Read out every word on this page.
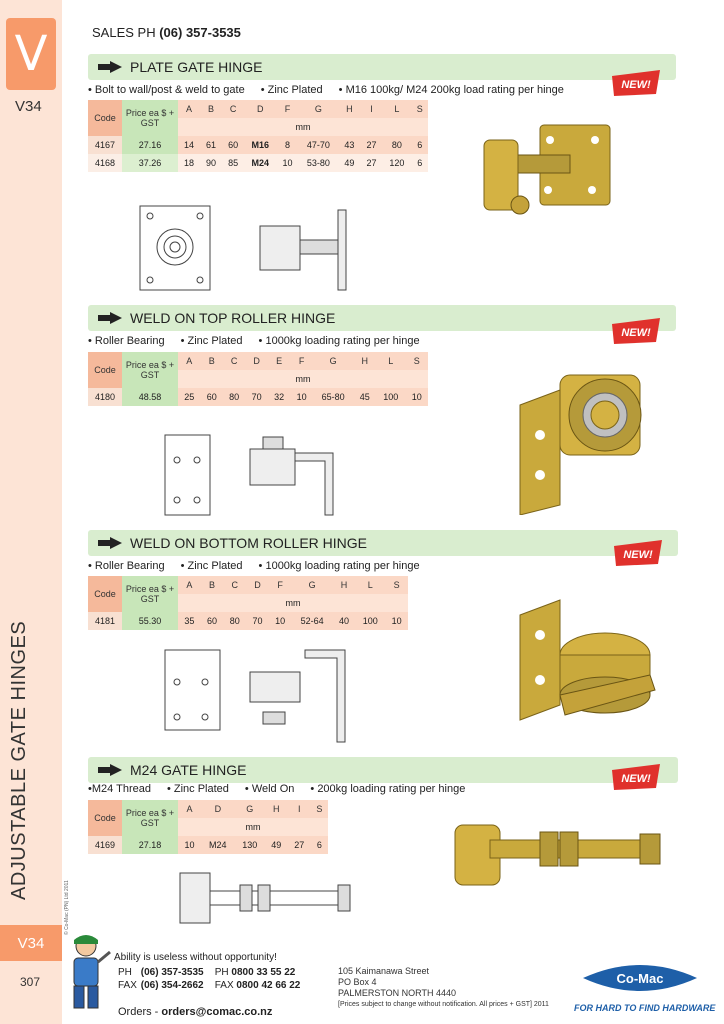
V
V34
ADJUSTABLE GATE HINGES
V34
307
© Co-Mac (PN) Ltd 2011
SALES PH (06) 357-3535
PLATE GATE HINGE
• Bolt to wall/post & weld to gate • Zinc Plated • M16 100kg/ M24 200kg load rating per hinge
Code	Price ea $ + GST	A	B	C	D	F	G	H	I	L	S
		mm									
4167	27.16	14	61	60	M16	8	47-70	43	27	80	6
4168	37.26	18	90	85	M24	10	53-80	49	27	120	6
NEW!
WELD ON TOP ROLLER HINGE
• Roller Bearing • Zinc Plated • 1000kg loading rating per hinge
Code	Price ea $ + GST	A	B	C	D	E	F	G	H	L	S
		mm									
4180	48.58	25	60	80	70	32	10	65-80	45	100	10
NEW!
WELD ON BOTTOM ROLLER HINGE
• Roller Bearing • Zinc Plated • 1000kg loading rating per hinge
Code	Price ea $ + GST	A	B	C	D	F	G	H	L	S
		mm								
4181	55.30	35	60	80	70	10	52-64	40	100	10
NEW!
M24 GATE HINGE
•M24 Thread • Zinc Plated • Weld On • 200kg loading rating per hinge
Code	Price ea $ + GST	A	D	G	H	I	S
		mm					
4169	27.18	10	M24	130	49	27	6
NEW!
Ability is useless without opportunity!
PH (06) 357-3535 PH 0800 33 55 22
FAX (06) 354-2662 FAX 0800 42 66 22
Orders - orders@comac.co.nz
105 Kaimanawa Street
PO Box 4
PALMERSTON NORTH 4440
[Prices subject to change without notification. All prices + GST] 2011
Co-Mac
FOR HARD TO FIND HARDWARE
